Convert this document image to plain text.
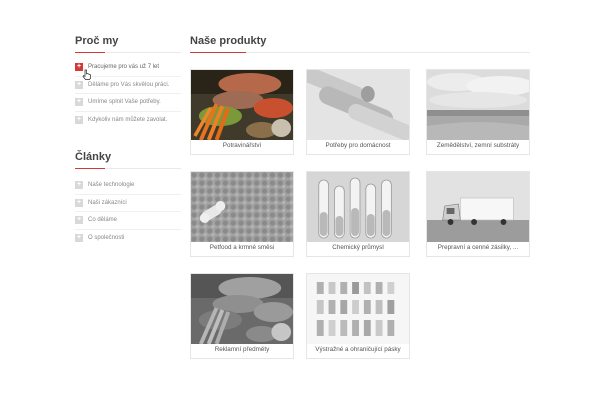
Proč my
+	Pracujeme pro vás už 7 let
+	Děláme pro Vás skvělou práci.
+	Umíme splnit Vaše potřeby.
+	Kdykoliv nám můžete zavolat.
Články
+	Naše technologie
+	Naši zákazníci
+	Co děláme
+	O společnosti
Naše produkty
Potravinářství	Potřeby pro domácnost	Zemědělství, zemní substráty
Petfood a krmné směsi	Chemický průmysl	Prepravní a cenné zásilky, ...
Reklamní předměty	Výstražné a ohraničující pásky
